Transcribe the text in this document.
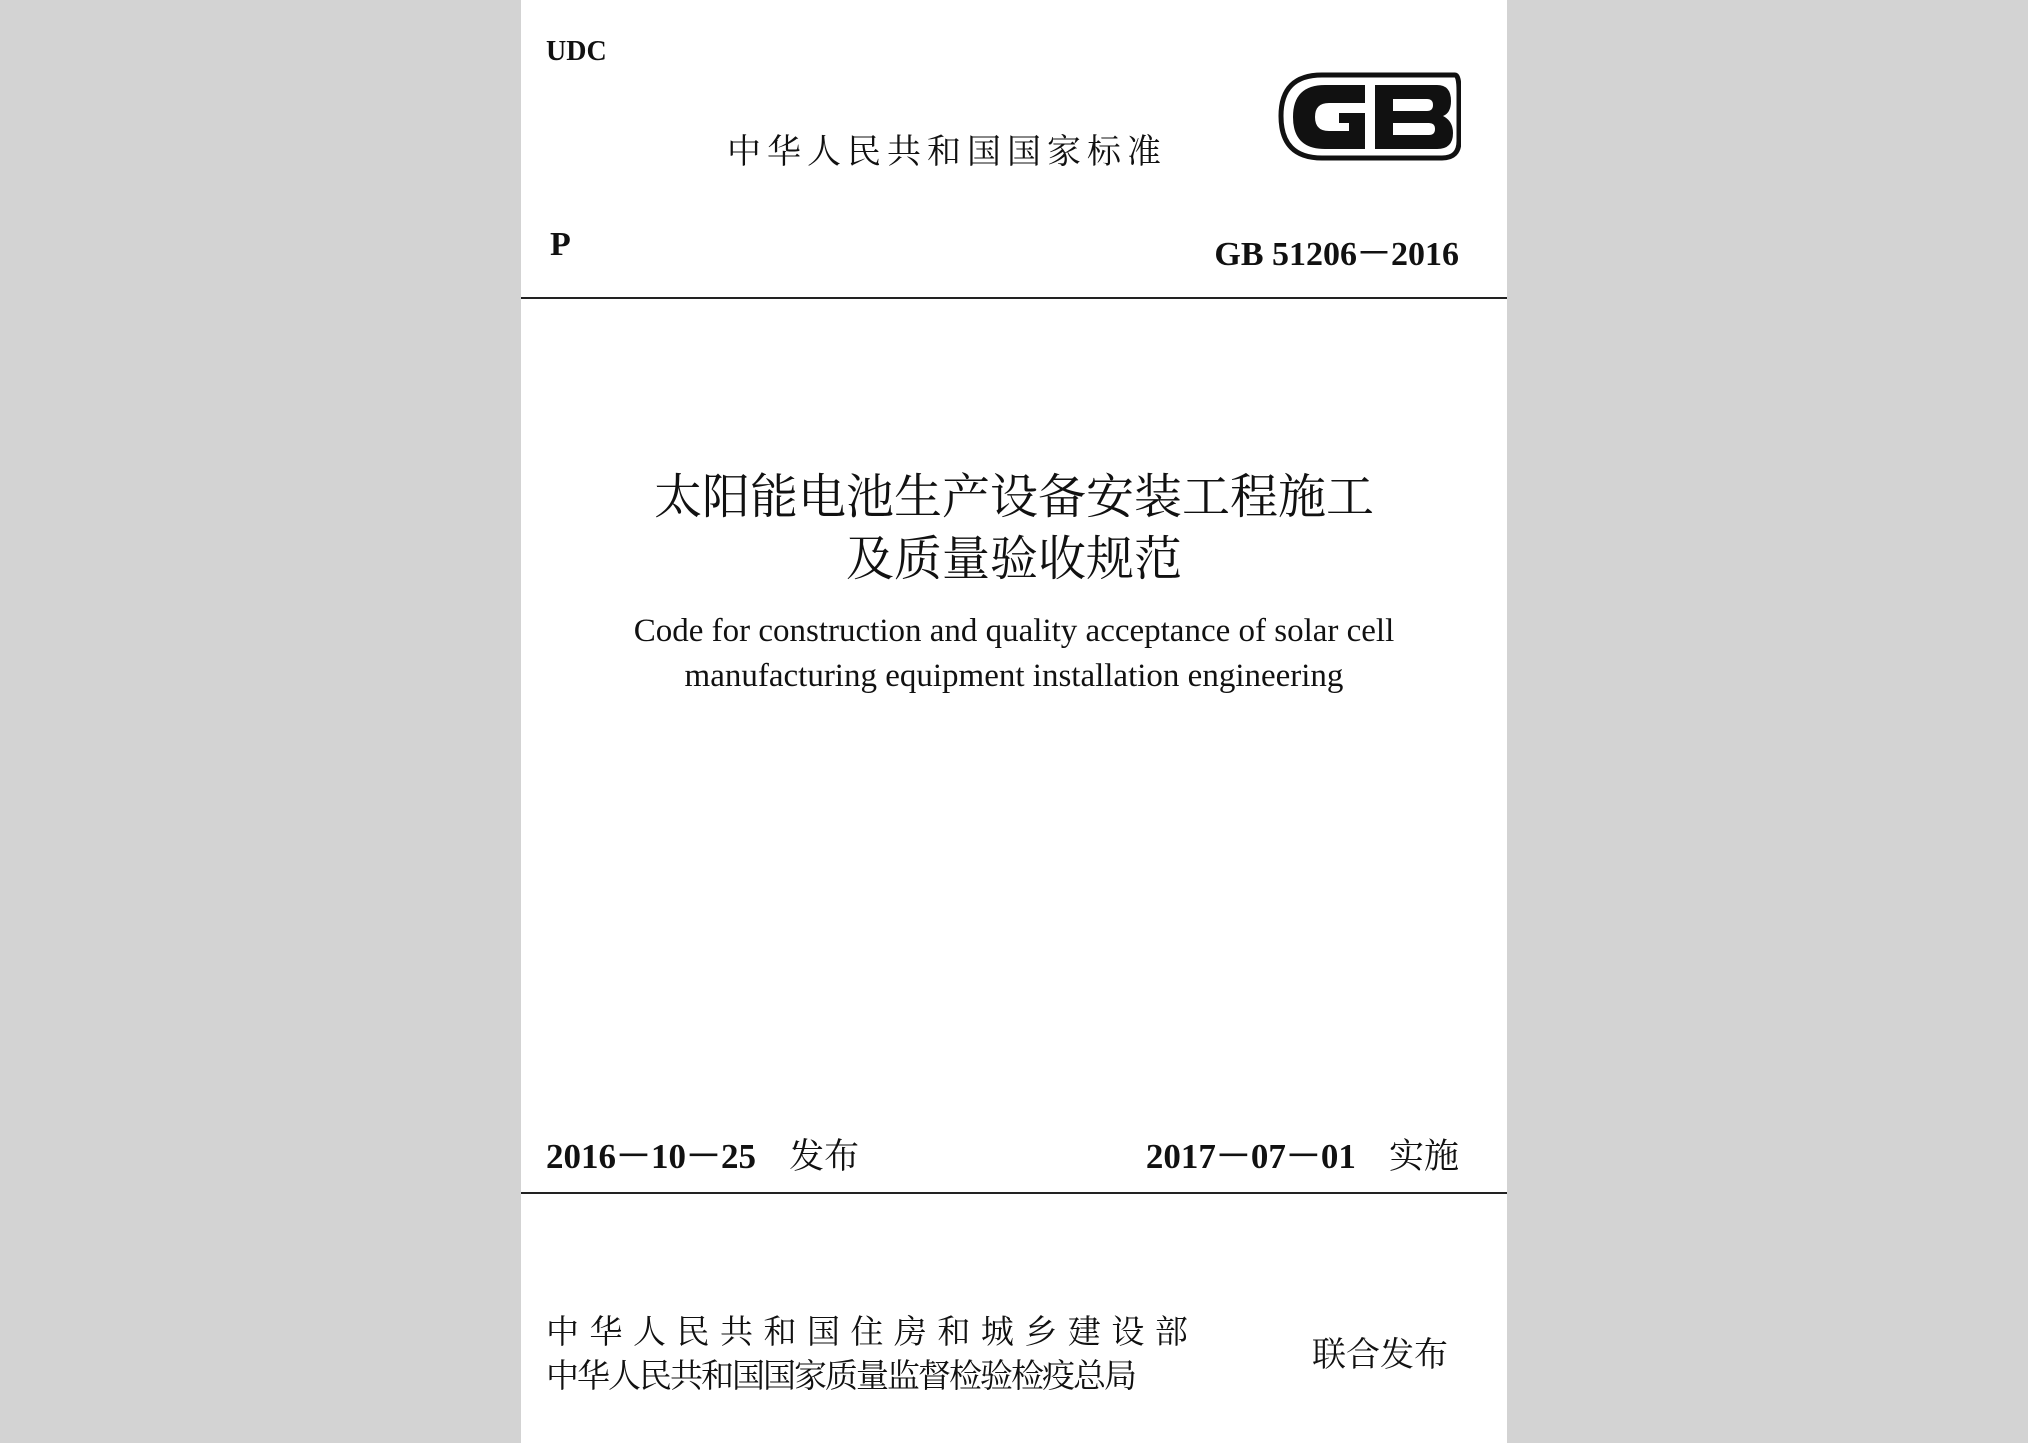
UDC
中华人民共和国国家标准
P	GB 51206－2016
太阳能电池生产设备安装工程施工
及质量验收规范
Code for construction and quality acceptance of solar cell
manufacturing equipment installation engineering
2016－10－25 发布	2017－07－01 实施
中 华 人 民 共 和 国 住 房 和 城 乡 建 设 部
中华人民共和国国家质量监督检验检疫总局
联合发布
